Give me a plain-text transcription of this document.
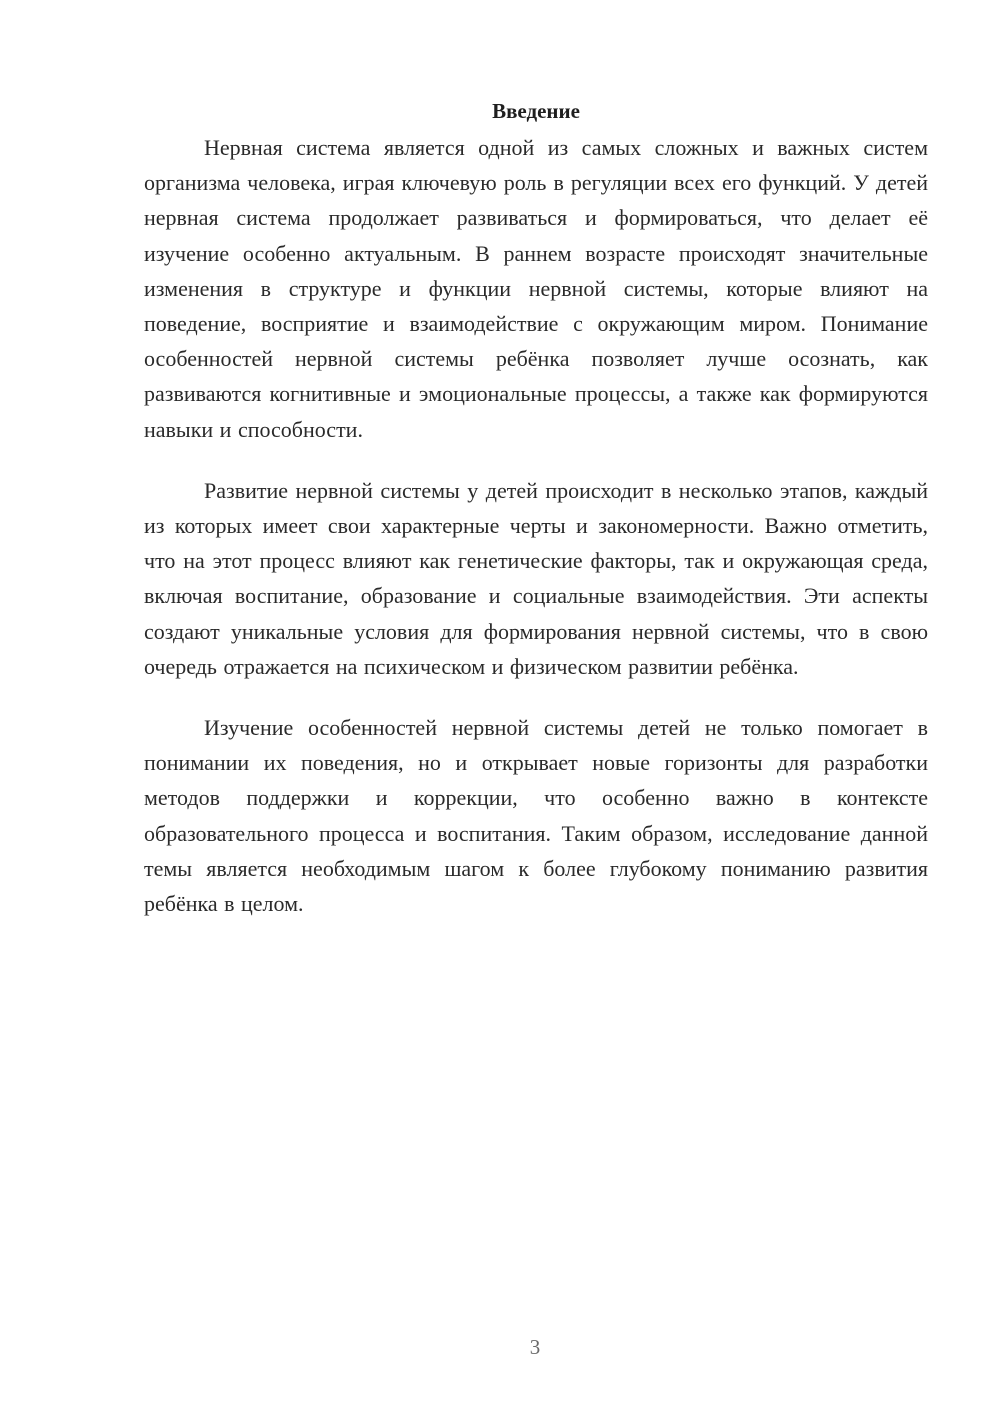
Введение

Нервная система является одной из самых сложных и важных систем организма человека, играя ключевую роль в регуляции всех его функций. У детей нервная система продолжает развиваться и формироваться, что делает её изучение особенно актуальным. В раннем возрасте происходят значительные изменения в структуре и функции нервной системы, которые влияют на поведение, восприятие и взаимодействие с окружающим миром. Понимание особенностей нервной системы ребёнка позволяет лучше осознать, как развиваются когнитивные и эмоциональные процессы, а также как формируются навыки и способности.

Развитие нервной системы у детей происходит в несколько этапов, каждый из которых имеет свои характерные черты и закономерности. Важно отметить, что на этот процесс влияют как генетические факторы, так и окружающая среда, включая воспитание, образование и социальные взаимодействия. Эти аспекты создают уникальные условия для формирования нервной системы, что в свою очередь отражается на психическом и физическом развитии ребёнка.

Изучение особенностей нервной системы детей не только помогает в понимании их поведения, но и открывает новые горизонты для разработки методов поддержки и коррекции, что особенно важно в контексте образовательного процесса и воспитания. Таким образом, исследование данной темы является необходимым шагом к более глубокому пониманию развития ребёнка в целом.

3
